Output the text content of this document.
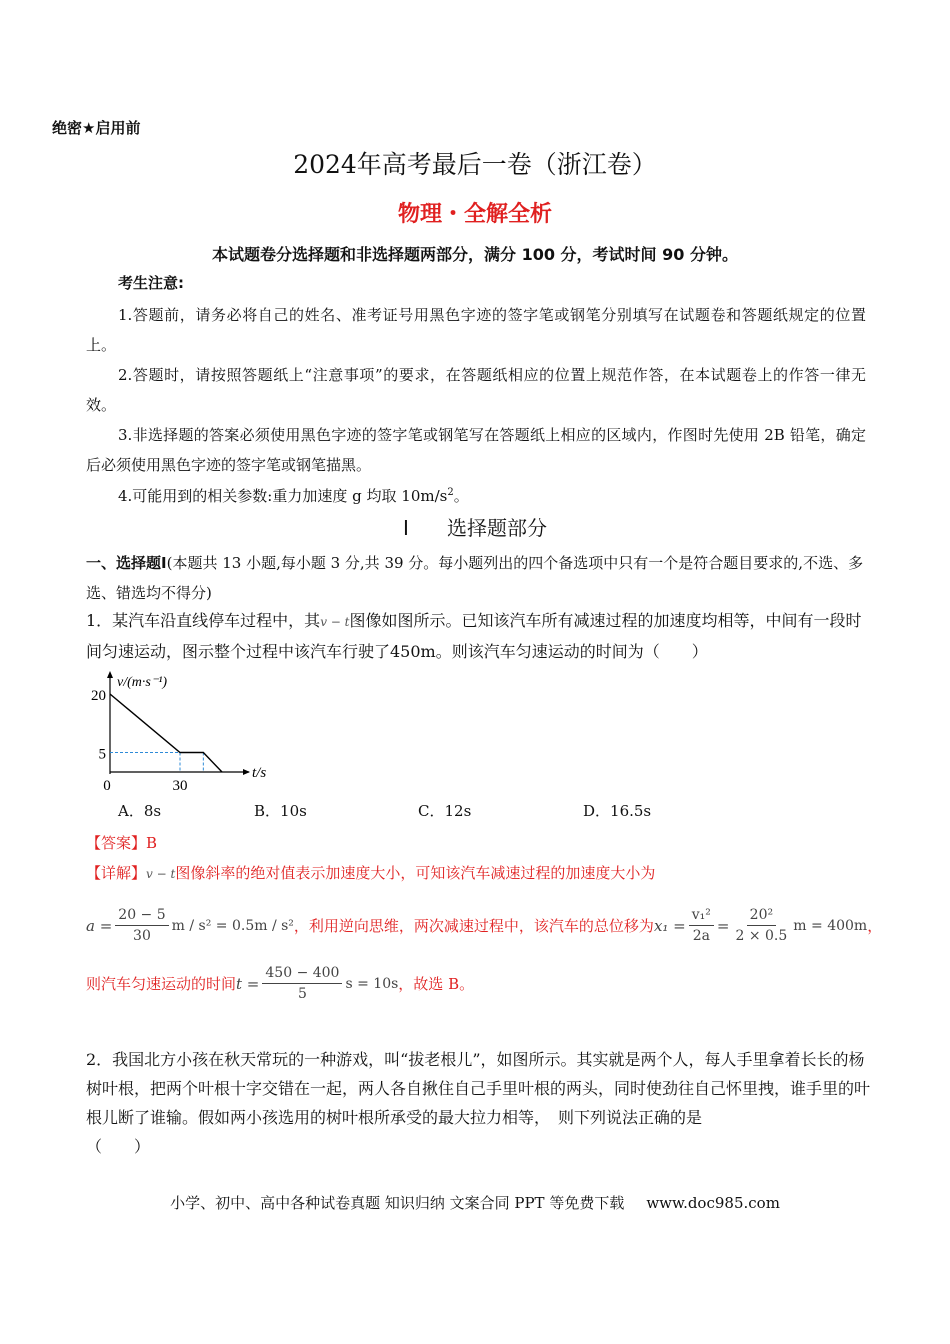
绝密★启用前
2024年高考最后一卷（浙江卷）
物理・全解全析
本试题卷分选择题和非选择题两部分，满分 100 分，考试时间 90 分钟。
考生注意:
1.答题前，请务必将自己的姓名、准考证号用黑色字迹的签字笔或钢笔分别填写在试题卷和答题纸规定的位置上。
2.答题时，请按照答题纸上“注意事项”的要求，在答题纸相应的位置上规范作答，在本试题卷上的作答一律无效。
3.非选择题的答案必须使用黑色字迹的签字笔或钢笔写在答题纸上相应的区域内，作图时先使用 2B 铅笔，确定后必须使用黑色字迹的签字笔或钢笔描黑。
4.可能用到的相关参数:重力加速度 g 均取 $10m/s^2$。
Ⅰ 选择题部分
一、选择题Ⅰ(本题共 13 小题,每小题 3 分,共 39 分。每小题列出的四个备选项中只有一个是符合题目要求的,不选、多选、错选均不得分)
1．某汽车沿直线停车过程中，其v − t图像如图所示。已知该汽车所有减速过程的加速度均相等，中间有一段时间匀速运动，图示整个过程中该汽车行驶了450m。则该汽车匀速运动的时间为（　　）
20
5
0	30
v/(m·s⁻¹)
t/s
A．8s	B．10s	C．12s	D．16.5s
【答案】B
【详解】v − t图像斜率的绝对值表示加速度大小，可知该汽车减速过程的加速度大小为
$a = \frac{20 - 5}{30}$ m / s² = 0.5m / s² ，利用逆向思维，两次减速过程中，该汽车的总位移为 $x_1 = \frac{\text{v₁²}}{2a} = \frac{\text{20²}}{2 \times 0.5}$ m = 400m ，
则汽车匀速运动的时间 $t = \frac{450 - 400}{5}$ s = 10s ，故选 B。
2．我国北方小孩在秋天常玩的一种游戏，叫“拔老根儿”，如图所示。其实就是两个人，每人手里拿着长长的杨树叶根，把两个叶根十字交错在一起，两人各自揪住自己手里叶根的两头，同时使劲往自己怀里拽，谁手里的叶根儿断了谁输。假如两小孩选用的树叶根所承受的最大拉力相等，　则下列说法正确的是
（　　）
小学、初中、高中各种试卷真题 知识归纳 文案合同 PPT 等免费下载 www.doc985.com
